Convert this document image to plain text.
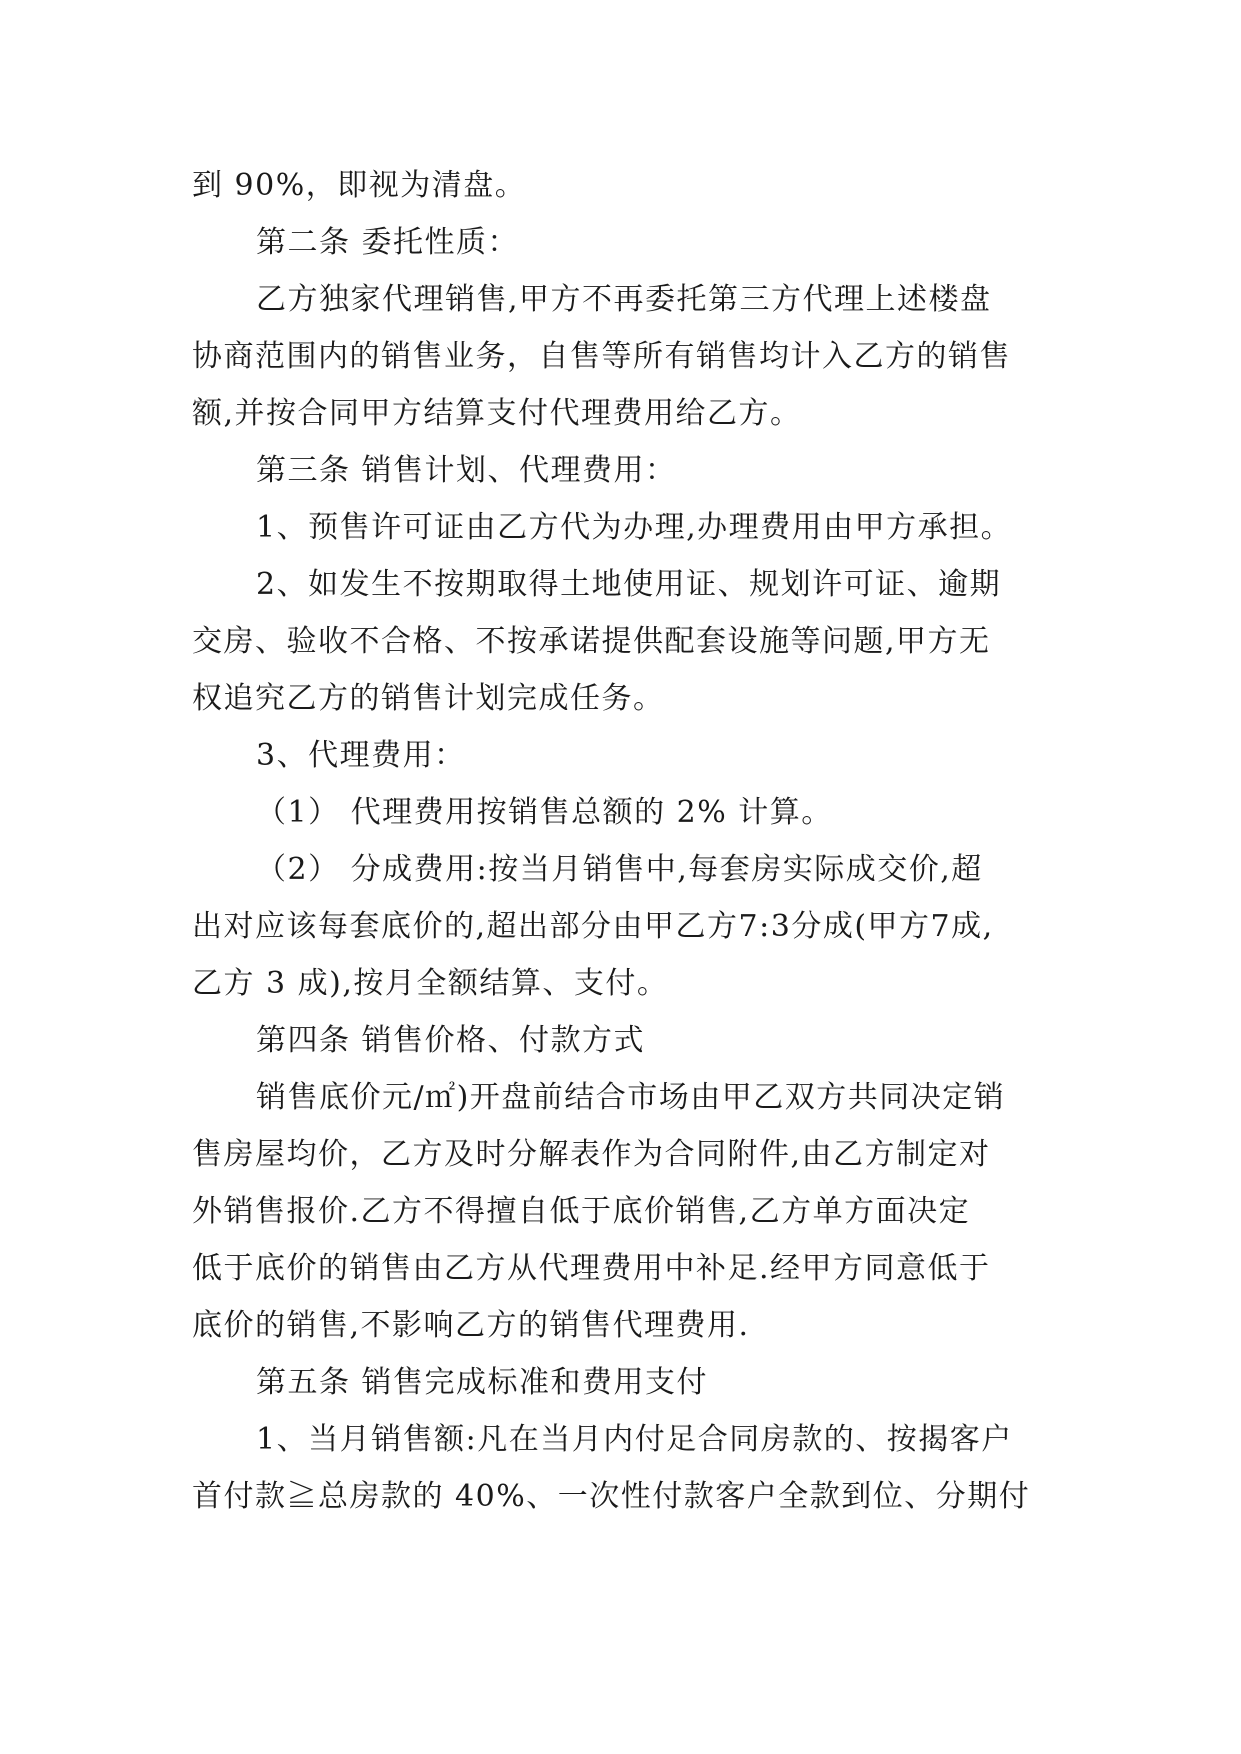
到 90%，即视为清盘。
第二条 委托性质：
乙方独家代理销售,甲方不再委托第三方代理上述楼盘
协商范围内的销售业务，自售等所有销售均计入乙方的销售
额,并按合同甲方结算支付代理费用给乙方。
第三条 销售计划、代理费用：
1、预售许可证由乙方代为办理,办理费用由甲方承担。
2、如发生不按期取得土地使用证、规划许可证、逾期
交房、验收不合格、不按承诺提供配套设施等问题,甲方无
权追究乙方的销售计划完成任务。
3、代理费用：
（1） 代理费用按销售总额的 2% 计算。
（2） 分成费用:按当月销售中,每套房实际成交价,超
出对应该每套底价的,超出部分由甲乙方7:3分成(甲方7成,
乙方 3 成),按月全额结算、支付。
第四条 销售价格、付款方式
销售底价元/㎡)开盘前结合市场由甲乙双方共同决定销
售房屋均价，乙方及时分解表作为合同附件,由乙方制定对
外销售报价.乙方不得擅自低于底价销售,乙方单方面决定
低于底价的销售由乙方从代理费用中补足.经甲方同意低于
底价的销售,不影响乙方的销售代理费用.
第五条 销售完成标准和费用支付
1、当月销售额:凡在当月内付足合同房款的、按揭客户
首付款≧总房款的 40%、一次性付款客户全款到位、分期付
